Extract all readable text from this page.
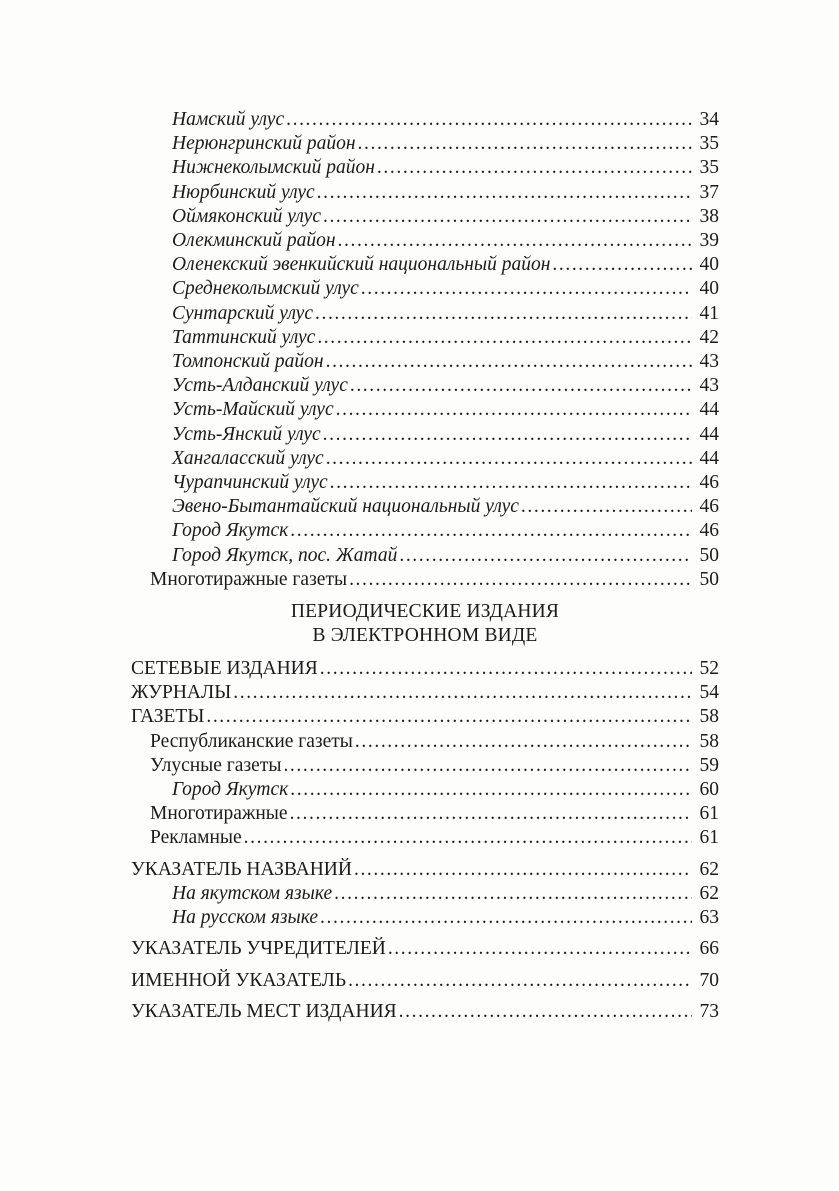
Намский улус .....	34
Нерюнгринский район .....	35
Нижнеколымский район .....	35
Нюрбинский улус .....	37
Оймяконский улус .....	38
Олекминский район .....	39
Оленекский эвенкийский национальный район .....	40
Среднеколымский улус .....	40
Сунтарский улус .....	41
Таттинский улус .....	42
Томпонский район .....	43
Усть-Алданский улус .....	43
Усть-Майский улус .....	44
Усть-Янский улус .....	44
Хангаласский улус .....	44
Чурапчинский улус .....	46
Эвено-Бытантайский национальный улус .....	46
Город Якутск .....	46
Город Якутск, пос. Жатай .....	50
Многотиражные газеты .....	50
ПЕРИОДИЧЕСКИЕ ИЗДАНИЯ
В ЭЛЕКТРОННОМ ВИДЕ
СЕТЕВЫЕ ИЗДАНИЯ .....	52
ЖУРНАЛЫ .....	54
ГАЗЕТЫ .....	58
Республиканские газеты .....	58
Улусные газеты .....	59
Город Якутск .....	60
Многотиражные .....	61
Рекламные .....	61
УКАЗАТЕЛЬ НАЗВАНИЙ .....	62
На якутском языке .....	62
На русском языке .....	63
УКАЗАТЕЛЬ УЧРЕДИТЕЛЕЙ .....	66
ИМЕННОЙ УКАЗАТЕЛЬ .....	70
УКАЗАТЕЛЬ МЕСТ ИЗДАНИЯ .....	73
